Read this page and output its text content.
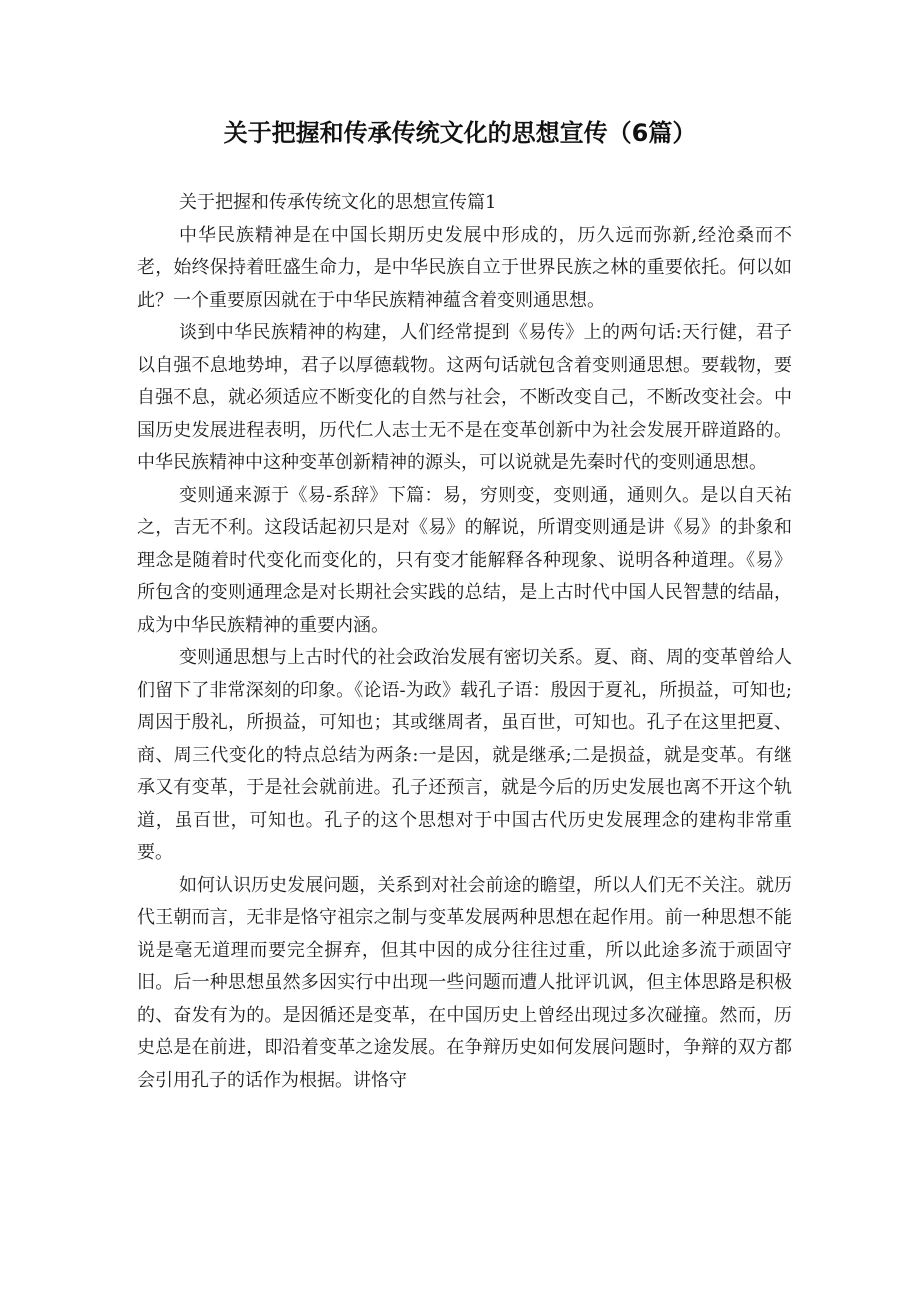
关于把握和传承传统文化的思想宣传（6篇）

关于把握和传承传统文化的思想宣传篇1

中华民族精神是在中国长期历史发展中形成的，历久远而弥新,经沧桑而不老，始终保持着旺盛生命力，是中华民族自立于世界民族之林的重要依托。何以如此？一个重要原因就在于中华民族精神蕴含着变则通思想。

谈到中华民族精神的构建，人们经常提到《易传》上的两句话:天行健，君子以自强不息地势坤，君子以厚德载物。这两句话就包含着变则通思想。要载物，要自强不息，就必须适应不断变化的自然与社会，不断改变自己，不断改变社会。中国历史发展进程表明，历代仁人志士无不是在变革创新中为社会发展开辟道路的。中华民族精神中这种变革创新精神的源头，可以说就是先秦时代的变则通思想。

变则通来源于《易-系辞》下篇：易，穷则变，变则通，通则久。是以自天祐之，吉无不利。这段话起初只是对《易》的解说，所谓变则通是讲《易》的卦象和理念是随着时代变化而变化的，只有变才能解释各种现象、说明各种道理。《易》所包含的变则通理念是对长期社会实践的总结，是上古时代中国人民智慧的结晶，成为中华民族精神的重要内涵。

变则通思想与上古时代的社会政治发展有密切关系。夏、商、周的变革曾给人们留下了非常深刻的印象。《论语-为政》载孔子语：殷因于夏礼，所损益，可知也;周因于殷礼，所损益，可知也；其或继周者，虽百世，可知也。孔子在这里把夏、商、周三代变化的特点总结为两条:一是因，就是继承;二是损益，就是变革。有继承又有变革，于是社会就前进。孔子还预言，就是今后的历史发展也离不开这个轨道，虽百世，可知也。孔子的这个思想对于中国古代历史发展理念的建构非常重要。

如何认识历史发展问题，关系到对社会前途的瞻望，所以人们无不关注。就历代王朝而言，无非是恪守祖宗之制与变革发展两种思想在起作用。前一种思想不能说是毫无道理而要完全摒弃，但其中因的成分往往过重，所以此途多流于顽固守旧。后一种思想虽然多因实行中出现一些问题而遭人批评讥讽，但主体思路是积极的、奋发有为的。是因循还是变革，在中国历史上曾经出现过多次碰撞。然而，历史总是在前进，即沿着变革之途发展。在争辩历史如何发展问题时，争辩的双方都会引用孔子的话作为根据。讲恪守
